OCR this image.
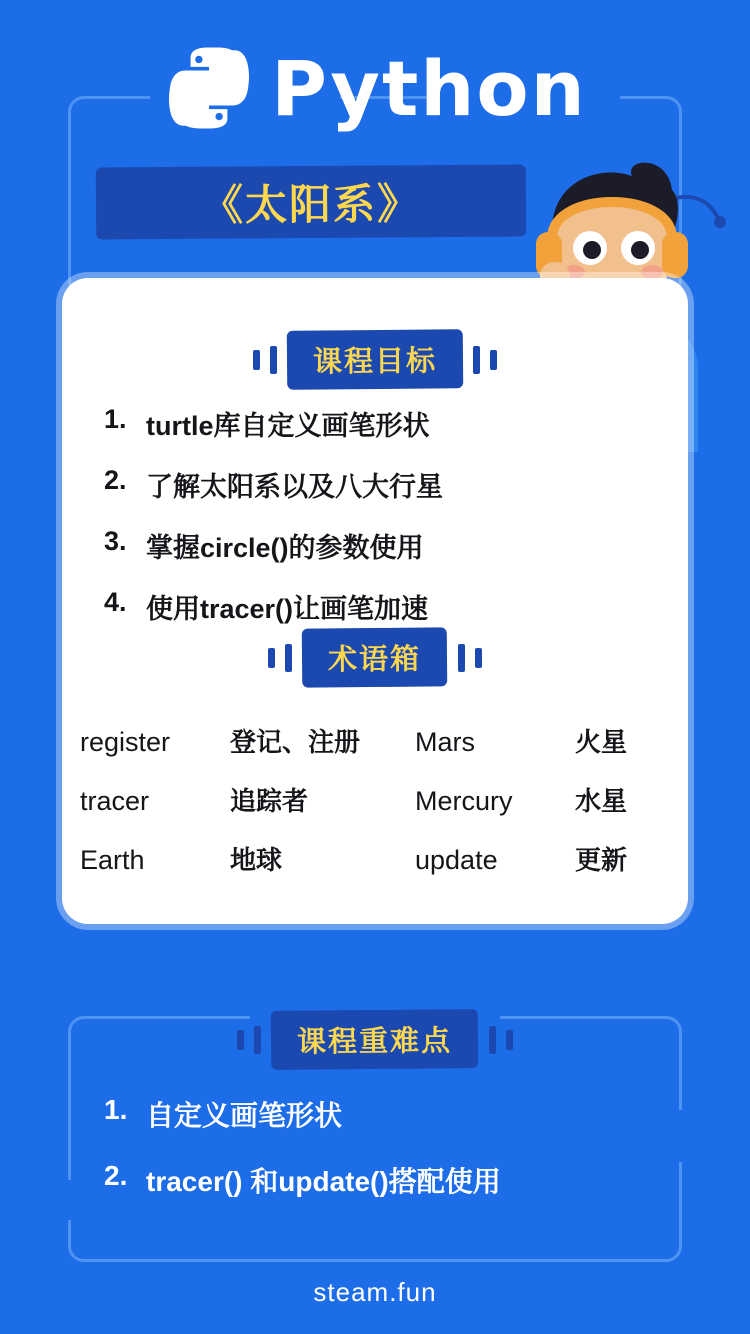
Python
《太阳系》
课程目标
1. turtle库自定义画笔形状
2. 了解太阳系以及八大行星
3. 掌握circle()的参数使用
4. 使用tracer()让画笔加速
术语箱
register	登记、注册	Mars	火星
tracer	追踪者	Mercury	水星
Earth	地球	update	更新
课程重难点
1. 自定义画笔形状
2. tracer() 和update()搭配使用
steam.fun
